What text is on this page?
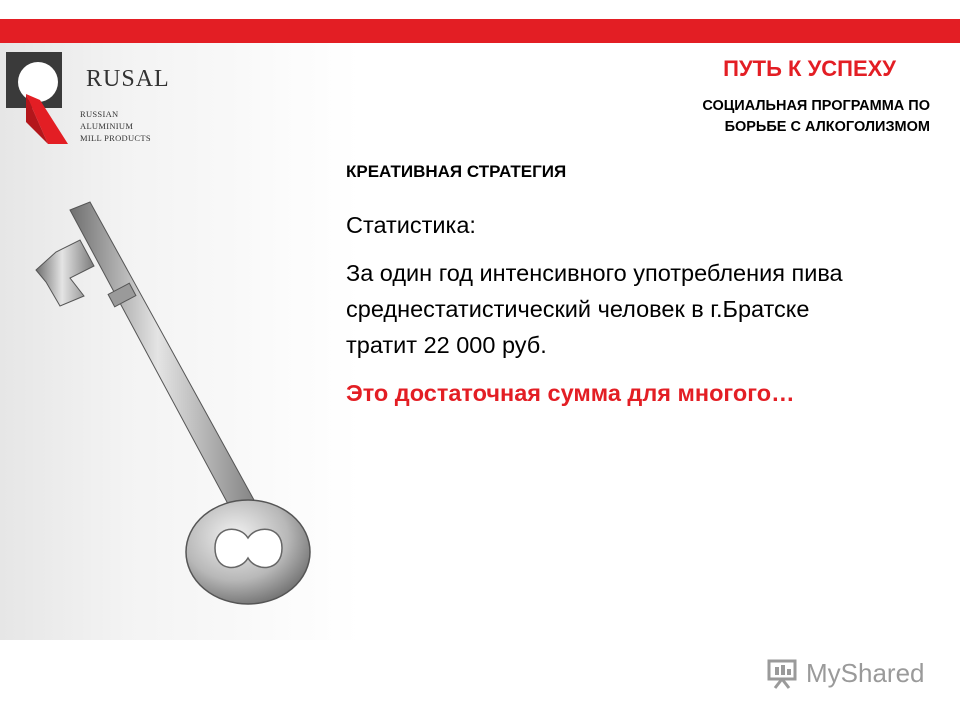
RUSAL
RUSSIAN
ALUMINIUM
MILL PRODUCTS
ПУТЬ К УСПЕХУ
СОЦИАЛЬНАЯ ПРОГРАММА ПО
БОРЬБЕ С АЛКОГОЛИЗМОМ
КРЕАТИВНАЯ СТРАТЕГИЯ
Статистика:
За один год интенсивного употребления пива среднестатистический человек в г.Братске тратит 22 000 руб.
Это достаточная сумма для многого…
MyShared
